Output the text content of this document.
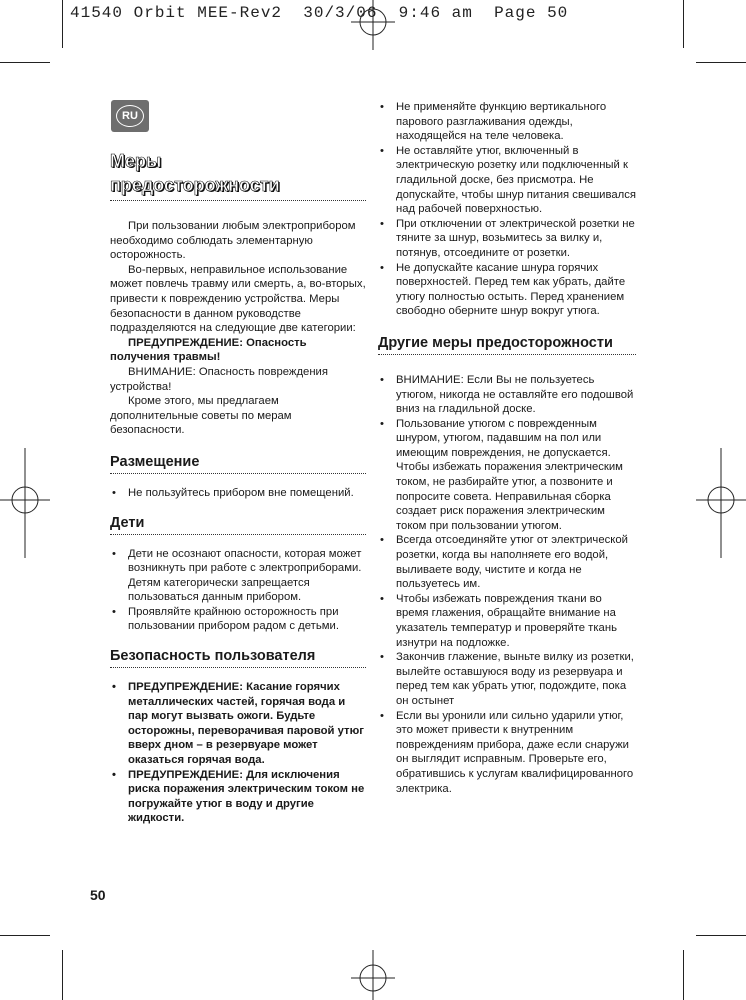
41540 Orbit MEE-Rev2  30/3/06  9:46 am  Page 50
RU
Меры
предосторожности

При пользовании любым электроприбором необходимо соблюдать элементарную осторожность.

Во-первых, неправильное использование может повлечь травму или смерть, а, во-вторых, привести к повреждению устройства. Меры безопасности в данном руководстве подразделяются на следующие две категории:

ПРЕДУПРЕЖДЕНИЕ: Опасность получения травмы!

ВНИМАНИЕ: Опасность повреждения устройства!

Кроме этого, мы предлагаем дополнительные советы по мерам безопасности.

Размещение
• Не пользуйтесь прибором вне помещений.
Дети
• Дети не осознают опасности, которая может возникнуть при работе с электроприборами. Детям категорически запрещается пользоваться данным прибором.
• Проявляйте крайнюю осторожность при пользовании прибором радом с детьми.
Безопасность пользователя
• ПРЕДУПРЕЖДЕНИЕ: Касание горячих металлических частей, горячая вода и пар могут вызвать ожоги. Будьте осторожны, переворачивая паровой утюг вверх дном – в резервуаре может оказаться горячая вода.
• ПРЕДУПРЕЖДЕНИЕ: Для исключения риска поражения электрическим током не погружайте утюг в воду и другие жидкости.
• Не применяйте функцию вертикального парового разглаживания одежды, находящейся на теле человека.
• Не оставляйте утюг, включенный в электрическую розетку или подключенный к гладильной доске, без присмотра. Не допускайте, чтобы шнур питания свешивался над рабочей поверхностью.
• При отключении от электрической розетки не тяните за шнур, возьмитесь за вилку и, потянув, отсоедините от розетки.
• Не допускайте касание шнура горячих поверхностей. Перед тем как убрать, дайте утюгу полностью остыть. Перед хранением свободно оберните шнур вокруг утюга.
Другие меры предосторожности
• ВНИМАНИЕ: Если Вы не пользуетесь утюгом, никогда не оставляйте его подошвой вниз на гладильной доске.
• Пользование утюгом с поврежденным шнуром, утюгом, падавшим на пол или имеющим повреждения, не допускается. Чтобы избежать поражения электрическим током, не разбирайте утюг, а позвоните и попросите совета. Неправильная сборка создает риск поражения электрическим током при пользовании утюгом.
• Всегда отсоединяйте утюг от электрической розетки, когда вы наполняете его водой, выливаете воду, чистите и когда не пользуетесь им.
• Чтобы избежать повреждения ткани во время глажения, обращайте внимание на указатель температур и проверяйте ткань изнутри на подложке.
• Закончив глажение, выньте вилку из розетки, вылейте оставшуюся воду из резервуара и перед тем как убрать утюг, подождите, пока он остынет
• Если вы уронили или сильно ударили утюг, это может привести к внутренним повреждениям прибора, даже если снаружи он выглядит исправным. Проверьте его, обратившись к услугам квалифицированного электрика.
50
